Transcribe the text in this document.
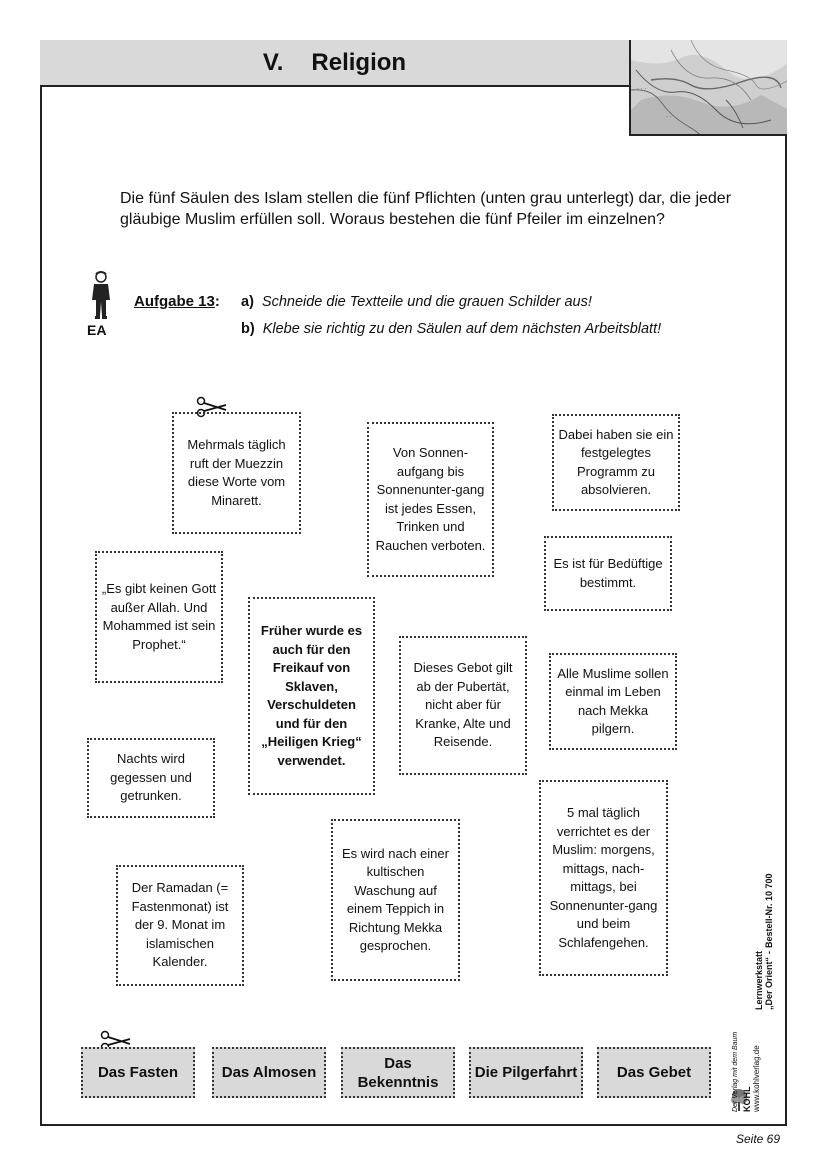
V. Religion
· · ·
· ·
Die fünf Säulen des Islam stellen die fünf Pflichten (unten grau unterlegt) dar, die jeder gläubige Muslim erfüllen soll. Woraus bestehen die fünf Pfeiler im einzelnen?
EA
Aufgabe 13: a) Schneide die Textteile und die grauen Schilder aus!
b) Klebe sie richtig zu den Säulen auf dem nächsten Arbeitsblatt!
Mehrmals täglich ruft der Muezzin diese Worte vom Minarett.
Von Sonnen-aufgang bis Sonnenunter-gang ist jedes Essen, Trinken und Rauchen verboten.
Dabei haben sie ein festgelegtes Programm zu absolvieren.
„Es gibt keinen Gott außer Allah. Und Mohammed ist sein Prophet.“
Es ist für Bedüftige bestimmt.
Früher wurde es auch für den Freikauf von Sklaven, Verschuldeten und für den „Heiligen Krieg“ verwendet.
Dieses Gebot gilt ab der Pubertät, nicht aber für Kranke, Alte und Reisende.
Alle Muslime sollen einmal im Leben nach Mekka pilgern.
Nachts wird gegessen und getrunken.
5 mal täglich verrichtet es der Muslim: morgens, mittags, nach-mittags, bei Sonnenunter-gang und beim Schlafengehen.
Es wird nach einer kultischen Waschung auf einem Teppich in Richtung Mekka gesprochen.
Der Ramadan (= Fastenmonat) ist der 9. Monat im islamischen Kalender.
Das Fasten	Das Almosen
Das Bekenntnis
Die Pilgerfahrt	Das Gebet	Der Verlag mit dem Baum KOHL www.kohlverlag.de
Lernwerkstatt „Der Orient“
-
Bestell-Nr. 10 700
Seite 69
